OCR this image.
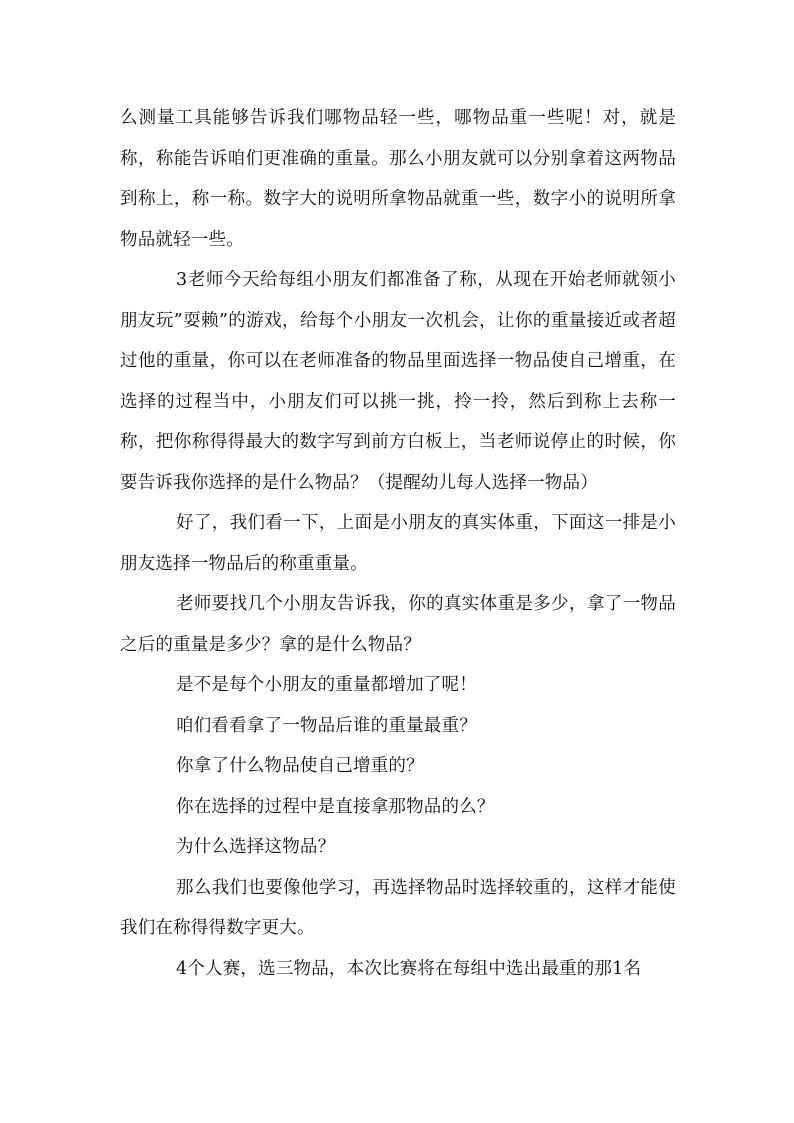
么测量工具能够告诉我们哪物品轻一些，哪物品重一些呢！对，就是称，称能告诉咱们更准确的重量。那么小朋友就可以分别拿着这两物品到称上，称一称。数字大的说明所拿物品就重一些，数字小的说明所拿物品就轻一些。

3老师今天给每组小朋友们都准备了称，从现在开始老师就领小朋友玩”耍赖”的游戏，给每个小朋友一次机会，让你的重量接近或者超过他的重量，你可以在老师准备的物品里面选择一物品使自己增重，在选择的过程当中，小朋友们可以挑一挑，拎一拎，然后到称上去称一称，把你称得得最大的数字写到前方白板上，当老师说停止的时候，你要告诉我你选择的是什么物品？（提醒幼儿每人选择一物品）

好了，我们看一下，上面是小朋友的真实体重，下面这一排是小朋友选择一物品后的称重重量。

老师要找几个小朋友告诉我，你的真实体重是多少，拿了一物品之后的重量是多少？拿的是什么物品？

是不是每个小朋友的重量都增加了呢！

咱们看看拿了一物品后谁的重量最重？

你拿了什么物品使自己增重的？

你在选择的过程中是直接拿那物品的么？

为什么选择这物品？

那么我们也要像他学习，再选择物品时选择较重的，这样才能使我们在称得得数字更大。

4个人赛，选三物品，本次比赛将在每组中选出最重的那1名
